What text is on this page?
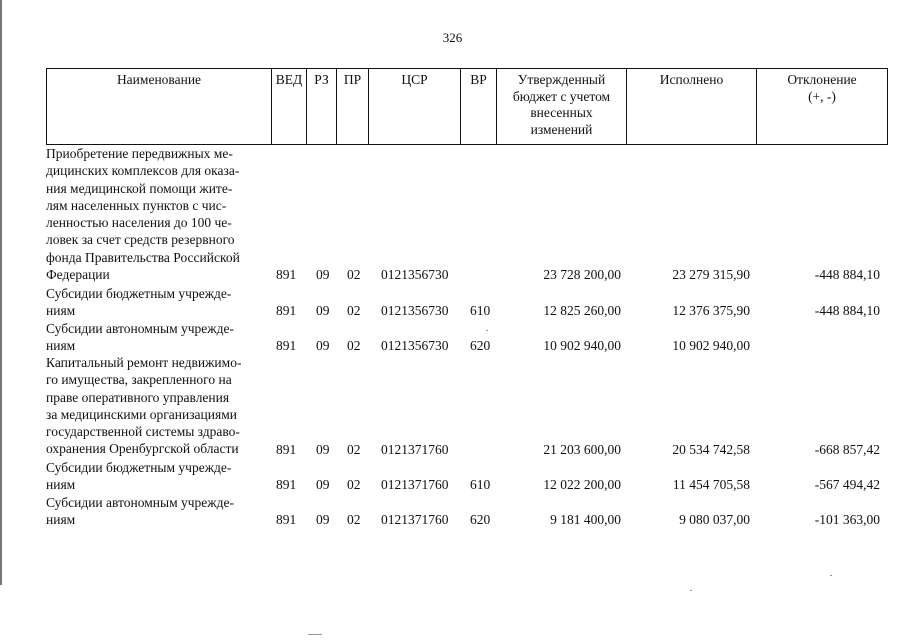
326
Наименование	ВЕД РЗ	ПР	ЦСР	ВР	Утвержденный
бюджет с учетом
внесенных
изменений
Исполнено	Отклонение
(+, -)
Приобретение передвижных ме-
дицинских комплексов для оказа-
ния медицинской помощи жите-
лям населенных пунктов с чис-
ленностью населения до 100 че-
ловек за счет средств резервного
фонда Правительства Российской
Федерации	891 09 02 0121356730	23 728 200,00	23 279 315,90	-448 884,10
Субсидии бюджетным учрежде-
ниям	891 09 02 0121356730 610	12 825 260,00	12 376 375,90	-448 884,10
Субсидии автономным учрежде-
ниям	891 09 02 0121356730 620	10 902 940,00	10 902 940,00
Капитальный ремонт недвижимо-
го имущества, закрепленного на
праве оперативного управления
за медицинскими организациями
государственной системы здраво-
охранения Оренбургской области	891 09 02 0121371760	21 203 600,00	20 534 742,58	-668 857,42
Субсидии бюджетным учрежде-
ниям	891 09 02 0121371760 610	12 022 200,00	11 454 705,58	-567 494,42
Субсидии автономным учрежде-
ниям	891 09 02 0121371760 620	9 181 400,00	9 080 037,00	-101 363,00
